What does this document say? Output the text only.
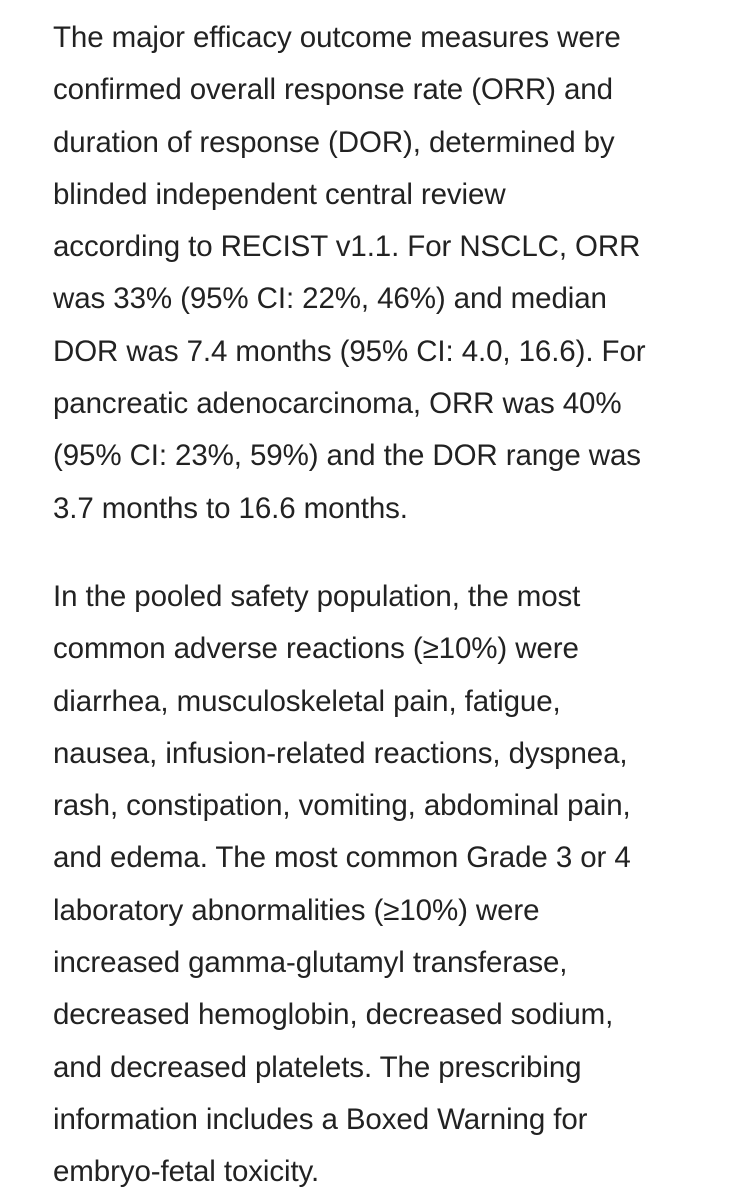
The major efficacy outcome measures were
confirmed overall response rate (ORR) and
duration of response (DOR), determined by
blinded independent central review
according to RECIST v1.1. For NSCLC, ORR
was 33% (95% CI: 22%, 46%) and median
DOR was 7.4 months (95% CI: 4.0, 16.6). For
pancreatic adenocarcinoma, ORR was 40%
(95% CI: 23%, 59%) and the DOR range was
3.7 months to 16.6 months.

In the pooled safety population, the most
common adverse reactions (≥10%) were
diarrhea, musculoskeletal pain, fatigue,
nausea, infusion-related reactions, dyspnea,
rash, constipation, vomiting, abdominal pain,
and edema. The most common Grade 3 or 4
laboratory abnormalities (≥10%) were
increased gamma-glutamyl transferase,
decreased hemoglobin, decreased sodium,
and decreased platelets. The prescribing
information includes a Boxed Warning for
embryo-fetal toxicity.
